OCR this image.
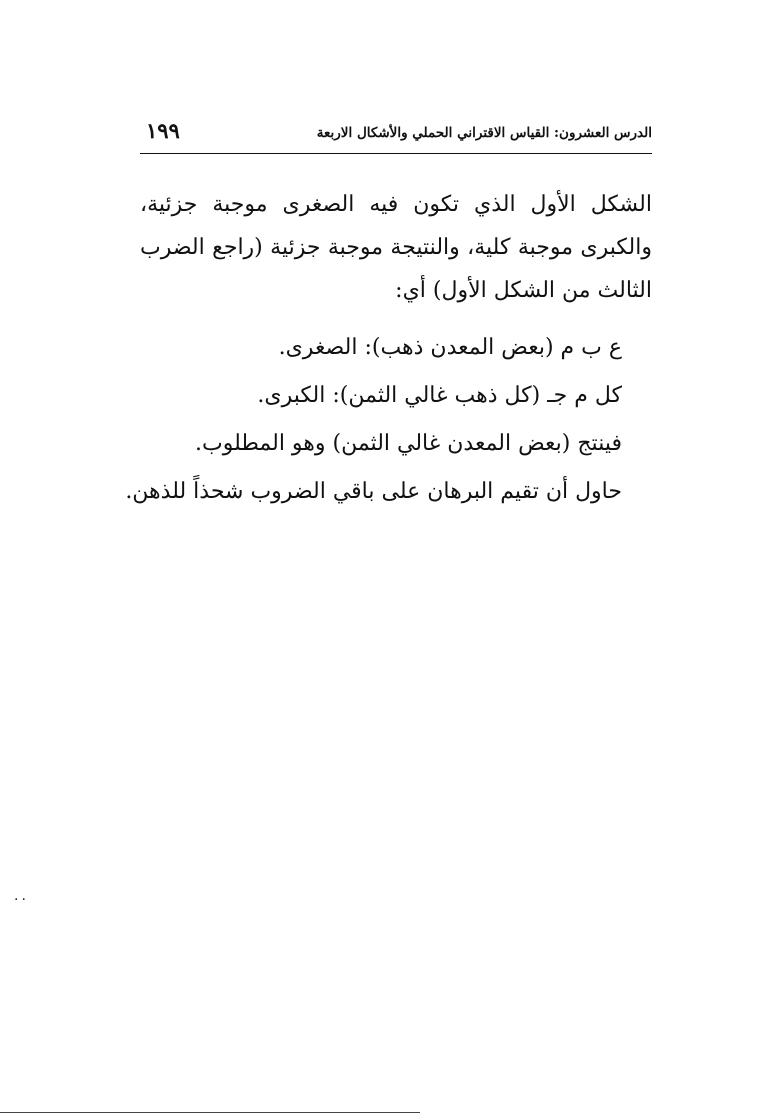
١٩٩	الدرس العشرون: القياس الاقتراني الحملي والأشكال الاربعة

الشكل الأول الذي تكون فيه الصغرى موجبة جزئية، والكبرى موجبة كلية، والنتيجة موجبة جزئية (راجع الضرب الثالث من الشكل الأول) أي:

ع ب م (بعض المعدن ذهب): الصغرى.
كل م جـ (كل ذهب غالي الثمن): الكبرى.
فينتج (بعض المعدن غالي الثمن) وهو المطلوب.
حاول أن تقيم البرهان على باقي الضروب شحذاً للذهن.
..
